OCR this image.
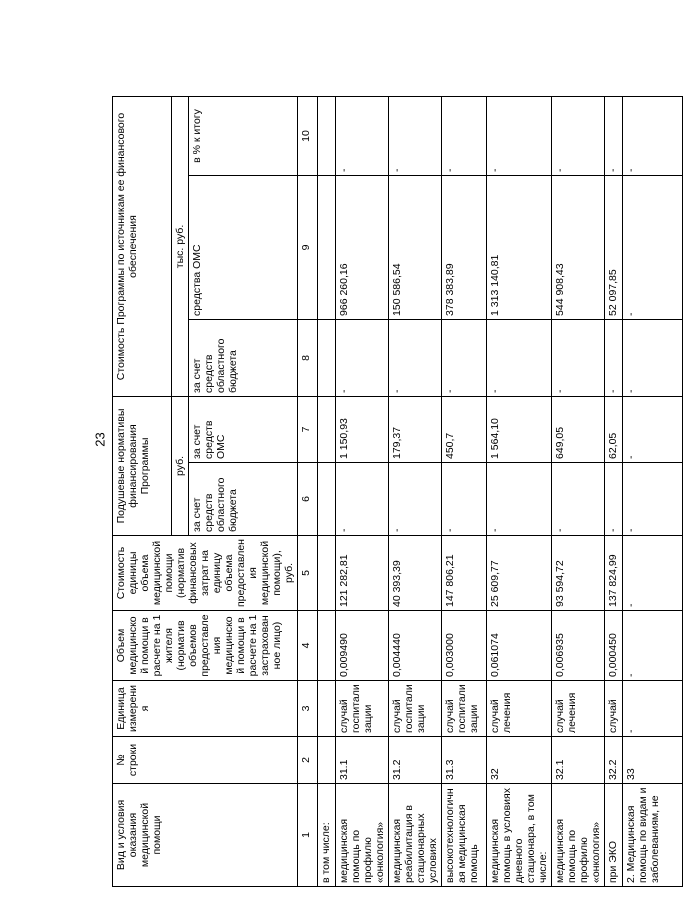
23
Вид и условия оказания медицинской помощи	№ строки	Единица измерения	Объем медицинской помощи в расчете на 1 жителя (норматив объемов предоставления медицинской помощи в расчете на 1 застрахованное лицо)	Стоимость единицы объема медицинской помощи (норматив финансовых затрат на единицу объема предоставления медицинской помощи), руб.	Подушевые нормативы финансирования Программы		Стоимость Программы по источникам ее финансового обеспечения		
					руб.		тыс. руб.		
					за счет средств областного бюджета	за счет средств ОМС	за счет средств областного бюджета	средства ОМС	в % к итогу
1	2	3	4	5	6	7	8	9	10
в том числе:									
медицинская помощь по профилю «онкология»	31.1	случай госпитализации	0,009490	121 282,81	-	1 150,93	-	966 260,16	-
медицинская реабилитация в стационарных условиях	31.2	случай госпитализации	0,004440	40 393,39	-	179,37	-	150 586,54	-
высокотехнологичная медицинская помощь	31.3	случай госпитализации	0,003000	147 806,21	-	450,7	-	378 383,89	-
медицинская помощь в условиях дневного стационара, в том числе:	32	случай лечения	0,061074	25 609,77	-	1 564,10	-	1 313 140,81	-
медицинская помощь по профилю «онкология»	32.1	случай лечения	0,006935	93 594,72	-	649,05	-	544 908,43	-
при ЭКО	32.2	случай	0,000450	137 824,99	-	62,05	-	52 097,85	-
2. Медицинская помощь по видам и заболеваниям, не	33	-	-	-	-	-	-	-	-
